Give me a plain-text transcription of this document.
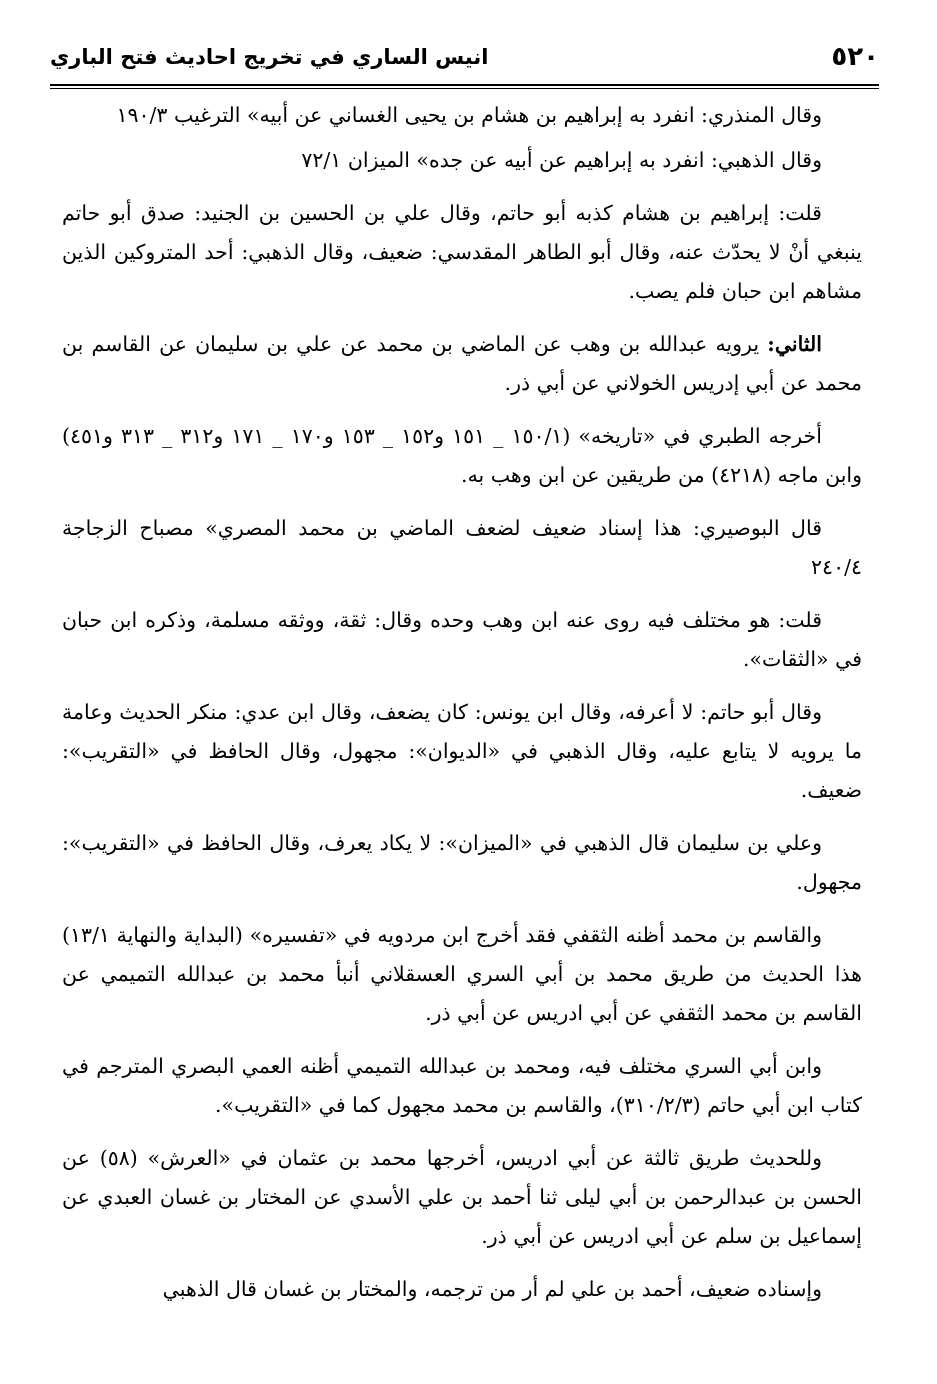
٥٢٠
انيس الساري في تخريج احاديث فتح الباري

وقال المنذري: انفرد به إبراهيم بن هشام بن يحيى الغساني عن أبيه» الترغيب ١٩٠/٣

وقال الذهبي: انفرد به إبراهيم عن أبيه عن جده» الميزان ٧٢/١

قلت: إبراهيم بن هشام كذبه أبو حاتم، وقال علي بن الحسين بن الجنيد: صدق أبو حاتم ينبغي أنْ لا يحدّث عنه، وقال أبو الطاهر المقدسي: ضعيف، وقال الذهبي: أحد المتروكين الذين مشاهم ابن حبان فلم يصب.

الثاني: يرويه عبدالله بن وهب عن الماضي بن محمد عن علي بن سليمان عن القاسم بن محمد عن أبي إدريس الخولاني عن أبي ذر.

أخرجه الطبري في «تاريخه» (١٥٠/١ _ ١٥١ و١٥٢ _ ١٥٣ و١٧٠ _ ١٧١ و٣١٢ _ ٣١٣ و٤٥١) وابن ماجه (٤٢١٨) من طريقين عن ابن وهب به.

قال البوصيري: هذا إسناد ضعيف لضعف الماضي بن محمد المصري» مصباح الزجاجة ٢٤٠/٤

قلت: هو مختلف فيه روى عنه ابن وهب وحده وقال: ثقة، ووثقه مسلمة، وذكره ابن حبان في «الثقات».

وقال أبو حاتم: لا أعرفه، وقال ابن يونس: كان يضعف، وقال ابن عدي: منكر الحديث وعامة ما يرويه لا يتابع عليه، وقال الذهبي في «الديوان»: مجهول، وقال الحافظ في «التقريب»: ضعيف.

وعلي بن سليمان قال الذهبي في «الميزان»: لا يكاد يعرف، وقال الحافظ في «التقريب»: مجهول.

والقاسم بن محمد أظنه الثقفي فقد أخرج ابن مردويه في «تفسيره» (البداية والنهاية ١٣/١) هذا الحديث من طريق محمد بن أبي السري العسقلاني أنبأ محمد بن عبدالله التميمي عن القاسم بن محمد الثقفي عن أبي ادريس عن أبي ذر.

وابن أبي السري مختلف فيه، ومحمد بن عبدالله التميمي أظنه العمي البصري المترجم في كتاب ابن أبي حاتم (٣١٠/٢/٣)، والقاسم بن محمد مجهول كما في «التقريب».

وللحديث طريق ثالثة عن أبي ادريس، أخرجها محمد بن عثمان في «العرش» (٥٨) عن الحسن بن عبدالرحمن بن أبي ليلى ثنا أحمد بن علي الأسدي عن المختار بن غسان العبدي عن إسماعيل بن سلم عن أبي ادريس عن أبي ذر.

وإسناده ضعيف، أحمد بن علي لم أر من ترجمه، والمختار بن غسان قال الذهبي
